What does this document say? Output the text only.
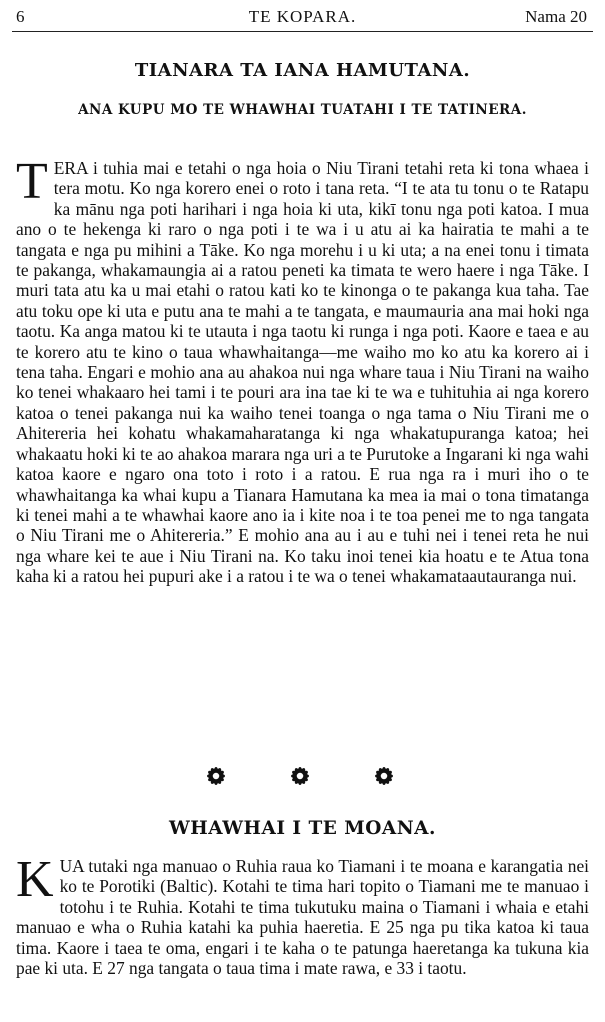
6	TE KOPARA.	Nama 20
TIANARA TA IANA HAMUTANA.
ANA KUPU MO TE WHAWHAI TUATAHI I TE TATINERA.
TERA i tuhia mai e tetahi o nga hoia o Niu Tirani tetahi reta ki tona whaea i tera motu. Ko nga korero enei o roto i tana reta. “I te ata tu tonu o te Ratapu ka mānu nga poti harihari i nga hoia ki uta, kikī tonu nga poti katoa. I mua ano o te hekenga ki raro o nga poti i te wa i u atu ai ka hairatia te mahi a te tangata e nga pu mihini a Tāke. Ko nga morehu i u ki uta; a na enei tonu i timata te pakanga, whakamaungia ai a ratou peneti ka timata te wero haere i nga Tāke. I muri tata atu ka u mai etahi o ratou kati ko te kinonga o te pakanga kua taha. Tae atu toku ope ki uta e putu ana te mahi a te tangata, e maumauria ana mai hoki nga taotu. Ka anga matou ki te utauta i nga taotu ki runga i nga poti. Kaore e taea e au te korero atu te kino o taua whawhaitanga—me waiho mo ko atu ka korero ai i tena taha. Engari e mohio ana au ahakoa nui nga whare taua i Niu Tirani na waiho ko tenei whakaaro hei tami i te pouri ara ina tae ki te wa e tuhituhia ai nga korero katoa o tenei pakanga nui ka waiho tenei toanga o nga tama o Niu Tirani me o Ahitereria hei kohatu whakamaharatanga ki nga whakatupuranga katoa; hei whakaatu hoki ki te ao ahakoa marara nga uri a te Purutoke a Ingarani ki nga wahi katoa kaore e ngaro ona toto i roto i a ratou. E rua nga ra i muri iho o te whawhaitanga ka whai kupu a Tianara Hamutana ka mea ia mai o tona timatanga ki tenei mahi a te whawhai kaore ano ia i kite noa i te toa penei me to nga tangata o Niu Tirani me o Ahitereria.” E mohio ana au i au e tuhi nei i tenei reta he nui nga whare kei te aue i Niu Tirani na. Ko taku inoi tenei kia hoatu e te Atua tona kaha ki a ratou hei pupuri ake i a ratou i te wa o tenei whakamataautauranga nui.
WHAWHAI I TE MOANA.
KUA tutaki nga manuao o Ruhia raua ko Tiamani i te moana e karangatia nei ko te Porotiki (Baltic). Kotahi te tima hari topito o Tiamani me te manuao i totohu i te Ruhia. Kotahi te tima tukutuku maina o Tiamani i whaia e etahi manuao e wha o Ruhia katahi ka puhia haeretia. E 25 nga pu tika katoa ki taua tima. Kaore i taea te oma, engari i te kaha o te patunga haeretanga ka tukuna kia pae ki uta. E 27 nga tangata o taua tima i mate rawa, e 33 i taotu.
